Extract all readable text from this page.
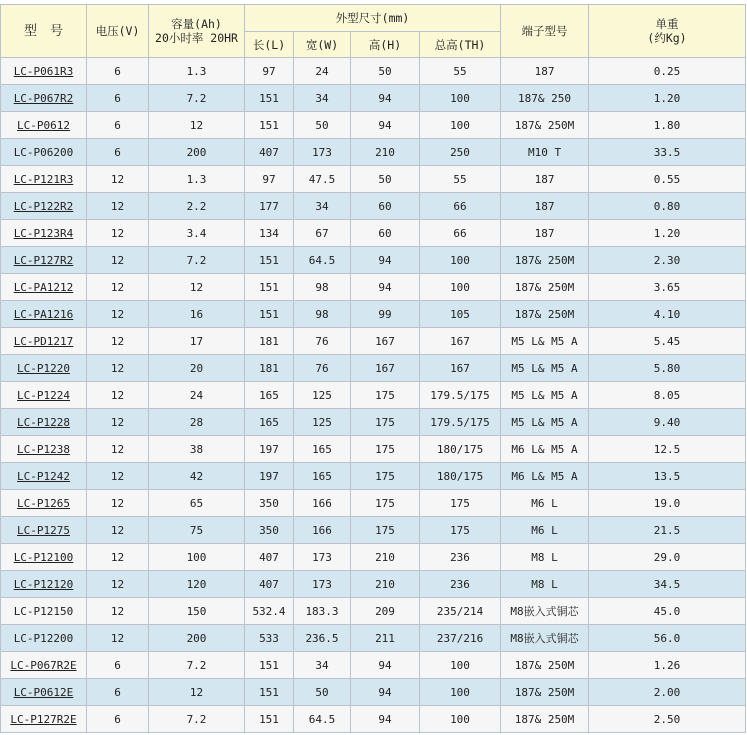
型　号	电压(V)	容量(Ah)
20小时率 20HR
	外型尺寸(mm)	端子型号	单重
(约Kg)

			长(L)	宽(W)	高(H)	总高(TH)		
LC-P061R3	6	1.3	97	24	50	55	187	0.25
LC-P067R2	6	7.2	151	34	94	100	187& 250	1.20
LC-P0612	6	12	151	50	94	100	187& 250M	1.80
LC-P06200	6	200	407	173	210	250	M10 T	33.5
LC-P121R3	12	1.3	97	47.5	50	55	187	0.55
LC-P122R2	12	2.2	177	34	60	66	187	0.80
LC-P123R4	12	3.4	134	67	60	66	187	1.20
LC-P127R2	12	7.2	151	64.5	94	100	187& 250M	2.30
LC-PA1212	12	12	151	98	94	100	187& 250M	3.65
LC-PA1216	12	16	151	98	99	105	187& 250M	4.10
LC-PD1217	12	17	181	76	167	167	M5 L& M5 A	5.45
LC-P1220	12	20	181	76	167	167	M5 L& M5 A	5.80
LC-P1224	12	24	165	125	175	179.5/175	M5 L& M5 A	8.05
LC-P1228	12	28	165	125	175	179.5/175	M5 L& M5 A	9.40
LC-P1238	12	38	197	165	175	180/175	M6 L& M5 A	12.5
LC-P1242	12	42	197	165	175	180/175	M6 L& M5 A	13.5
LC-P1265	12	65	350	166	175	175	M6 L	19.0
LC-P1275	12	75	350	166	175	175	M6 L	21.5
LC-P12100	12	100	407	173	210	236	M8 L	29.0
LC-P12120	12	120	407	173	210	236	M8 L	34.5
LC-P12150	12	150	532.4	183.3	209	235/214	M8嵌入式铜芯	45.0
LC-P12200	12	200	533	236.5	211	237/216	M8嵌入式铜芯	56.0
LC-P067R2E	6	7.2	151	34	94	100	187& 250M	1.26
LC-P0612E	6	12	151	50	94	100	187& 250M	2.00
LC-P127R2E	6	7.2	151	64.5	94	100	187& 250M	2.50
